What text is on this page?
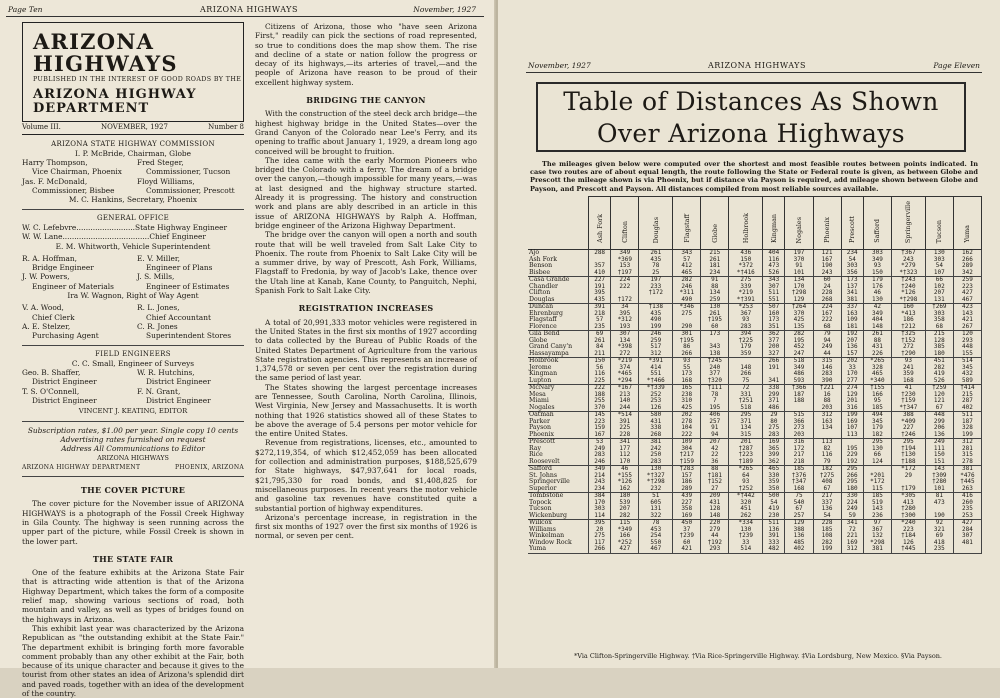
Page Ten	ARIZONA HIGHWAYS	November, 1927
ARIZONA HIGHWAYS
PUBLISHED IN THE INTEREST OF GOOD ROADS BY THE
ARIZONA HIGHWAY DEPARTMENT
Volume III.	NOVEMBER, 1927	Number 8
ARIZONA STATE HIGHWAY COMMISSION
I. P. McBride, Chairman, Globe
Harry Thompson,	Fred Steger,
Vice Chairman, Phoenix	Commissioner, Tucson
Jas. F. McDonald,	Floyd Williams,
Commissioner, Bisbee	Commissioner, Prescott
M. C. Hankins, Secretary, Phoenix
GENERAL OFFICE
W. C. Lefebvre.........................State Highway Engineer
W. W. Lane.....................................Chief Engineer
E. M. Whitworth, Vehicle Superintendent
R. A. Hoffman,	E. V. Miller,
Bridge Engineer	Engineer of Plans
J. W. Powers,	J. S. Mills,
Engineer of Materials	Engineer of Estimates
Ira W. Wagnon, Right of Way Agent
V. A. Wood,	R. L. Jones,
Chief Clerk	Chief Accountant
A. E. Stelzer,	C. R. Jones
Purchasing Agent	Superintendent Stores
FIELD ENGINEERS
C. C. Small, Engineer of Surveys
Geo. B. Shaffer,	W. R. Hutchins,
District Engineer	District Engineer
T. S. O'Connell,	F. N. Grant,
District Engineer	District Engineer
VINCENT J. KEATING, EDITOR
Subscription rates, $1.00 per year. Single copy 10 cents
Advertising rates furnished on request
Address All Communications to Editor
ARIZONA HIGHWAYS
ARIZONA HIGHWAY DEPARTMENT	PHOENIX, ARIZONA
THE COVER PICTURE

The cover picture for the November issue of ARIZONA HIGHWAYS is a photograph of the Fossil Creek Highway in Gila County. The highway is seen running across the upper part of the picture, while Fossil Creek is shown in the lower part.

THE STATE FAIR

One of the feature exhibits at the Arizona State Fair that is attracting wide attention is that of the Arizona Highway Department, which takes the form of a composite relief map, showing various sections of road, both mountain and valley, as well as types of bridges found on the highways in Arizona.

This exhibit last year was characterized by the Arizona Republican as "the outstanding exhibit at the State Fair." The department exhibit is bringing forth more favorable comment probably than any other exhibit at the Fair, both because of its unique character and because it gives to the tourist from other states an idea of Arizona's splendid dirt and paved roads, together with an idea of the development of the country.

Citizens of Arizona, those who "have seen Arizona First," readily can pick the sections of road represented, so true to conditions does the map show them. The rise and decline of a state or nation follow the progress or decay of its highways,—its arteries of travel,—and the people of Arizona have reason to be proud of their excellent highway system.

BRIDGING THE CANYON

With the construction of the steel deck arch bridge—the highest highway bridge in the United States—over the Grand Canyon of the Colorado near Lee's Ferry, and its opening to traffic about January 1, 1929, a dream long ago conceived will be brought to fruition.

The idea came with the early Mormon Pioneers who bridged the Colorado with a ferry. The dream of a bridge over the canyon,—though impossible for many years,—was at last designed and the highway structure started. Already it is progressing. The history and construction work and plans are ably described in an article in this issue of ARIZONA HIGHWAYS by Ralph A. Hoffman, bridge engineer of the Arizona Highway Department.

The bridge over the canyon will open a north and south route that will be well traveled from Salt Lake City to Phoenix. The route from Phoenix to Salt Lake City will be a summer drive, by way of Prescott, Ash Fork, Williams, Flagstaff to Fredonia, by way of Jacob's Lake, thence over the Utah line at Kanab, Kane County, to Panguitch, Nephi, Spanish Fork to Salt Lake City.

REGISTRATION INCREASES

A total of 20,991,333 motor vehicles were registered in the United States in the first six months of 1927 according to data collected by the Bureau of Public Roads of the United States Department of Agriculture from the various State registration agencies. This represents an increase of 1,374,578 or seven per cent over the registration during the same period of last year.

The States showing the largest percentage increases are Tennessee, South Carolina, North Carolina, Illinois, West Virginia, New Jersey and Massachusetts. It is worth nothing that 1926 statistics showed all of these States to be above the average of 5.4 persons per motor vehicle for the entire United States.

Revenue from registrations, licenses, etc., amounted to $272,119,354, of which $12,452,059 has been allocated for collection and administration purposes, $188,525,679 for State highways, $47,937,641 for local roads, $21,795,330 for road bonds, and $1,408,825 for miscellaneous purposes. In recent years the motor vehicle and gasoline tax revenues have constituted quite a substantial portion of highway expenditures.

Arizona's percentage increase, in registration in the first six months of 1927 over the first six months of 1926 is normal, or seven per cent.

November, 1927	ARIZONA HIGHWAYS	Page Eleven
Table of Distances As Shown
Over Arizona Highways

The mileages given below were computed over the shortest and most feasible routes between points indicated. In case two routes are of about equal length, the route following the State or Federal route is given, as between Globe and Prescott the mileage shown is via Phoenix, but if distance via Payson is required, add mileage shown between Globe and Payson, and Prescott and Payson. All distances compiled from most reliable sources available.

	Ash Fork	Clifton	Douglas	Flagstaff	Globe	Holbrook	Kingman	Nogales	Phoenix	Prescott	Safford	Springerville	Tucson	Yuma
Ajo	288	349	261	343	215	436	404	197	121	234	303	†367	130	162
Ash Fork		*369	435	57	261	150	116	370	167	54	349	243	303	266
Benson	357	153	78	412	181	*372	473	91	190	303	93	*279	54	289
Bisbee	410	†197	25	465	234	*†416	526	101	243	356	150	*†323	107	342
Casa Grande	227	224	197	282	91	275	343	134	60	173	179	†243	66	259
Chandler	191	222	233	246	88	339	307	170	24	137	176	†240	102	223
Clifton	395		†172	*311	134	*219	511	†298	228	341	46	*126	207	427
Douglas	435	†172		490	259	*†391	551	129	268	381	130	*†298	131	467
Duncan	391	34	†138	*346	130	*253	507	†264	224	337	42	160	†269	423
Ehrenburg	218	395	435	275	261	367	160	370	167	163	349	*413	303	143
Flagstaff	57	*312	490		†195	93	173	425	222	109	404	186	358	421
Florence	235	193	199	290	60	283	351	135	68	181	148	†212	68	267
Gila Bend	69	307	246	301	173	394	362	282	79	192	261	†325	215	120
Globe	261	134	259	†195		†225	377	195	94	207	88	†152	128	293
Grand Cany'n	84	*398	517	86	343	179	200	452	249	136	431	272	385	448
Hassayampa	211	272	312	266	138	359	327	247	44	157	226	†290	180	155
Holbrook	150	*219	*391	93	†245		266	518	315	202	*265	93	451	514
Jerome	56	374	414	55	240	148	191	349	146	33	328	241	282	345
Kingman	116	*465	551	173	377	266		486	283	170	465	359	419	432
Lupton	225	*294	*†466	168	†320	75	341	593	390	277	*340	168	526	589
McNary	222	*167	*†339	165	†111	72	338	†366	†221	274	†155	41	†259	†414
Mesa	188	213	252	238	78	331	299	187	16	129	166	†230	120	215
Miami	255	140	253	310	7	†251	371	188	88	201	95	†159	121	287
Nogales	370	244	126	425	195	518	486		203	316	185	*†347	67	402
Oatman	145	*514	580	202	406	295	29	515	312	199	494	388	448	511
Parker	223	391	431	278	257	371	80	366	163	169	345	*409	299	187
Payson	159	225	338	104	91	134	275	273	134	107	179	227	206	328
Phoenix	167	228	268	222	94	315	283	203		113	182	†246	136	199
Prescott	53	341	381	109	207	201	169	316	113		295	295	249	312
Ray	249	177	242	304	42	†287	365	172	82	195	130	†194	111	281
Rice	283	112	250	†217	22	†223	399	217	116	229	66	†130	150	315
Roosevelt	246	170	283	†159	36	†189	362	218	79	192	124	†188	151	278
Safford	349	46	130	†283	88	*265	465	185	182	295		*172	143	381
St. Johns	214	*155	*†327	157	†181	64	330	†376	†275	266	*201	29	†309	*476
Springerville	243	*126	*†298	186	†152	93	359	†347	408	295	*172		†280	†445
Superior	234	162	232	289	27	†252	350	168	67	180	115	†179	101	263
Tombstone	384	180	51	439	209	*†442	500	75	217	330	185	*305	81	416
Topock	170	539	605	227	431	320	54	540	337	224	519	413	473	260
Tucson	303	207	131	358	128	451	419	67	136	249	143	†280		235
Wickenburg	114	282	322	169	148	262	230	257	54	59	236	†300	190	253
Willcox	395	115	78	450	220	*334	511	129	228	341	97	*240	92	427
Williams	20	*349	453	37	279	130	136	388	185	72	367	223	321	284
Winkelman	275	166	254	†239	44	†239	391	136	108	221	132	†184	69	307
Window Rock	117	*252	550	60	†192	33	333	485	282	169	*298	126	418	481
Yuma	266	427	467	421	293	514	482	402	199	312	381	†445	235	
*Via Clifton-Springerville Highway. †Via Rice-Springerville Highway. ‡Via Lordsburg, New Mexico. §Via Payson.
